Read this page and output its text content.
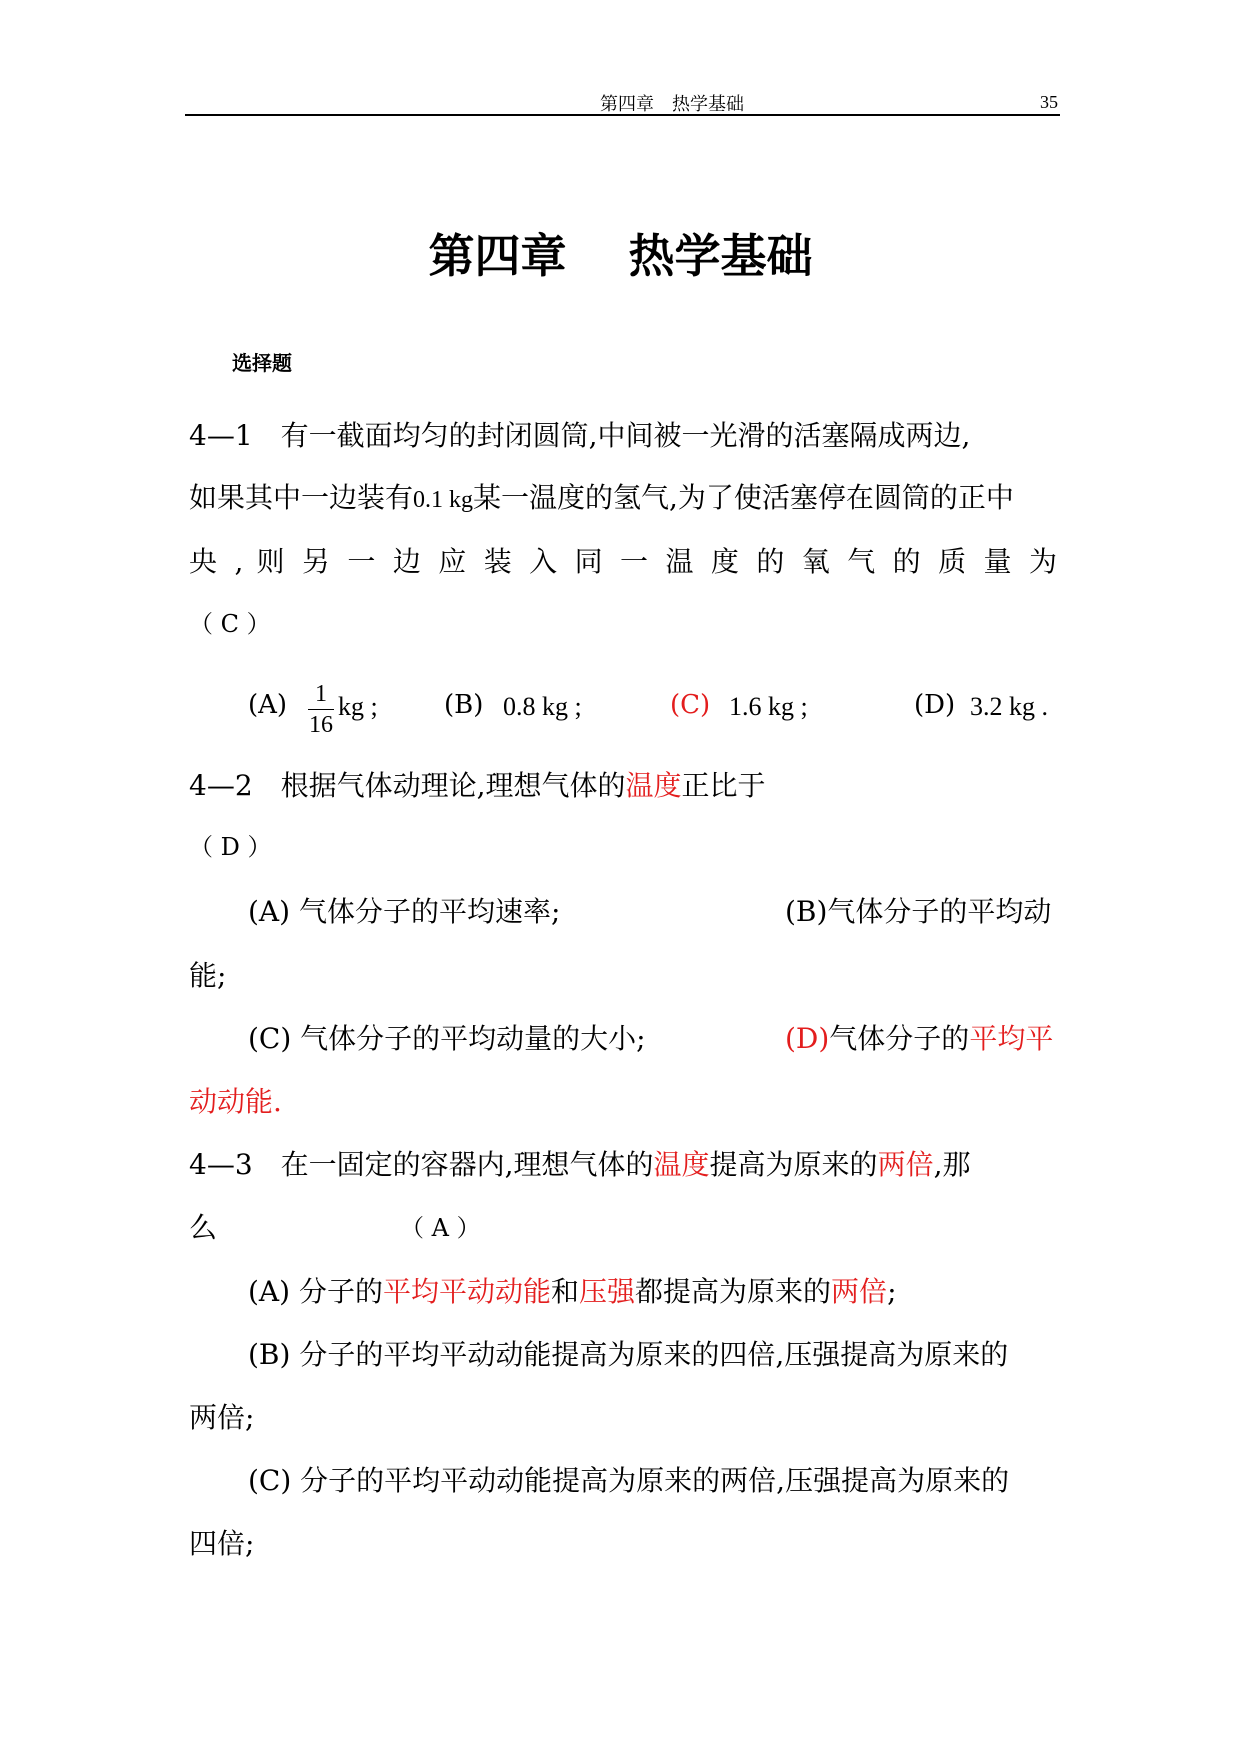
第四章　热学基础	35
第四章　 热学基础
选择题
4—1　有一截面均匀的封闭圆筒,中间被一光滑的活塞隔成两边,
如果其中一边装有0.1 kg某一温度的氢气,为了使活塞停在圆筒的正中
央 , 则 另 一 边 应 装 入 同 一 温 度 的 氧 气 的 质 量 为
（ C ）
(A) 1
16
kg ;	(B) 0.8 kg ;	(C) 1.6 kg ;	(D) 3.2 kg .
4—2　根据气体动理论,理想气体的温度正比于
（ D ）
(A) 气体分子的平均速率;	(B)气体分子的平均动
能;
(C) 气体分子的平均动量的大小;	(D)气体分子的平均平
动动能.
4—3　在一固定的容器内,理想气体的温度提高为原来的两倍,那
么	（ A ）
(A) 分子的平均平动动能和压强都提高为原来的两倍;
(B) 分子的平均平动动能提高为原来的四倍,压强提高为原来的
两倍;
(C) 分子的平均平动动能提高为原来的两倍,压强提高为原来的
四倍;
